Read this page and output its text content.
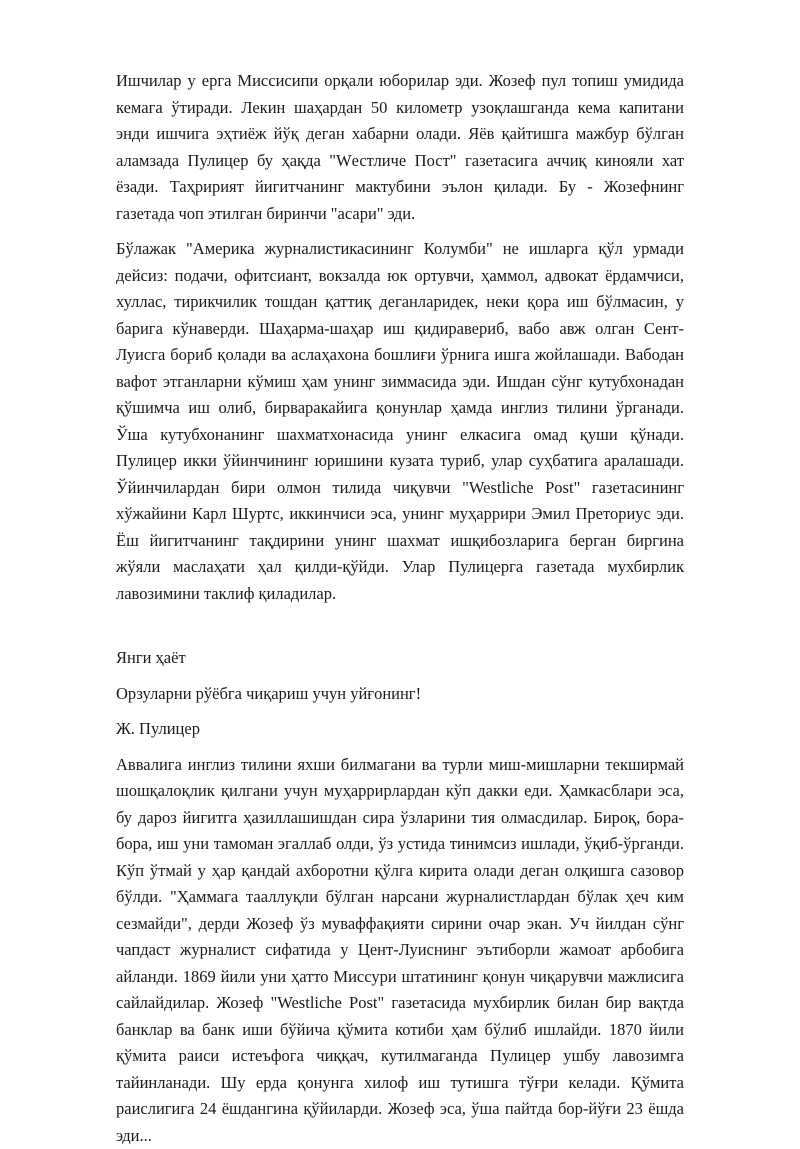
Ишчилар у ерга Миссисипи орқали юборилар эди. Жозеф пул топиш умидида кемага ўтиради. Лекин шаҳардан 50 километр узоқлашганда кема капитани энди ишчига эҳтиёж йўқ деган хабарни олади. Яёв қайтишга мажбур бўлган аламзада Пулицер бу ҳақда "Wестличе Пост" газетасига аччиқ кинояли хат ёзади. Таҳририят йигитчанинг мактубини эълон қилади. Бу - Жозефнинг газетада чоп этилган биринчи "асари" эди.

Бўлажак "Америка журналистикасининг Колумби" не ишларга қўл урмади дейсиз: подачи, офитсиант, вокзалда юк ортувчи, ҳаммол, адвокат ёрдамчиси, хуллас, тирикчилик тошдан қаттиқ деганларидек, неки қора иш бўлмасин, у барига кўнаверди. Шаҳарма-шаҳар иш қидиравериб, вабо авж олган Сент-Луисга бориб қолади ва аслаҳахона бошлиғи ўрнига ишга жойлашади. Вабодан вафот этганларни кўмиш ҳам унинг зиммасида эди. Ишдан сўнг кутубхонадан қўшимча иш олиб, бирваракайига қонунлар ҳамда инглиз тилини ўрганади. Ўша кутубхонанинг шахматхонасида унинг елкасига омад қуши қўнади. Пулицер икки ўйинчининг юришини кузата туриб, улар суҳбатига аралашади. Ўйинчилардан бири олмон тилида чиқувчи "Westliche Post" газетасининг хўжайини Карл Шуртс, иккинчиси эса, унинг муҳаррири Эмил Преториус эди. Ёш йигитчанинг тақдирини унинг шахмат ишқибозларига берган биргина жўяли маслаҳати ҳал қилди-қўйди. Улар Пулицерга газетада мухбирлик лавозимини таклиф қиладилар.

Янги ҳаёт

Орзуларни рўёбга чиқариш учун уйғонинг!

Ж. Пулицер

Аввалига инглиз тилини яхши билмагани ва турли миш-мишларни текширмай шошқалоқлик қилгани учун муҳаррирлардан кўп дакки еди. Ҳамкасблари эса, бу дароз йигитга ҳазиллашишдан сира ўзларини тия олмасдилар. Бироқ, бора-бора, иш уни тамоман эгаллаб олди, ўз устида тинимсиз ишлади, ўқиб-ўрганди. Кўп ўтмай у ҳар қандай ахборотни қўлга кирита олади деган олқишга сазовор бўлди. "Ҳаммага тааллуқли бўлган нарсани журналистлардан бўлак ҳеч ким сезмайди", дерди Жозеф ўз муваффақияти сирини очар экан. Уч йилдан сўнг чапдаст журналист сифатида у Цент-Луиснинг эътиборли жамоат арбобига айланди. 1869 йили уни ҳатто Миссури штатининг қонун чиқарувчи мажлисига сайлайдилар. Жозеф "Westliche Post" газетасида мухбирлик билан бир вақтда банклар ва банк иши бўйича қўмита котиби ҳам бўлиб ишлайди. 1870 йили қўмита раиси истеъфога чиққач, кутилмаганда Пулицер ушбу лавозимга тайинланади. Шу ерда қонунга хилоф иш тутишга тўғри келади. Қўмита раислигига 24 ёшдангина қўйиларди. Жозеф эса, ўша пайтда бор-йўғи 23 ёшда эди...
